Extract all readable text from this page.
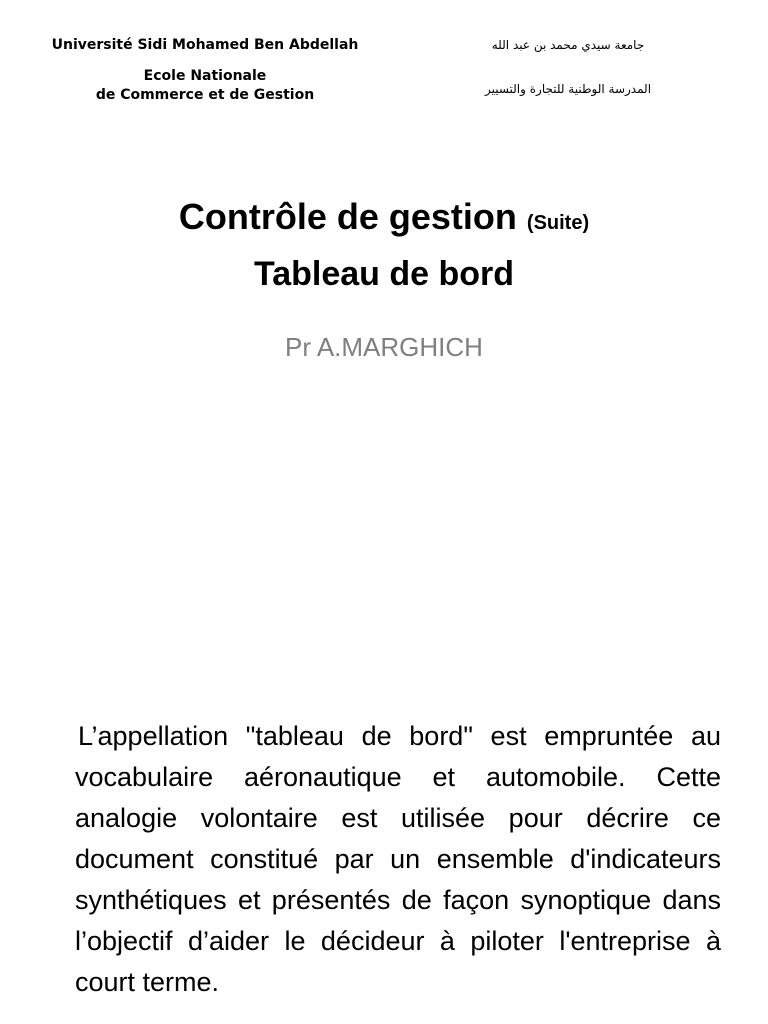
Université Sidi Mohamed Ben Abdellah
Ecole Nationale
de Commerce et de Gestion
جامعة سيدي محمد بن عبد الله
المدرسة الوطنية للتجارة والتسيير
Contrôle de gestion (Suite)
Tableau de bord
Pr A.MARGHICH
L’appellation "tableau de bord" est empruntée au vocabulaire aéronautique et automobile. Cette analogie volontaire est utilisée pour décrire ce document constitué par un ensemble d'indicateurs synthétiques et présentés de façon synoptique dans l’objectif d’aider le décideur à piloter l'entreprise à court terme.
